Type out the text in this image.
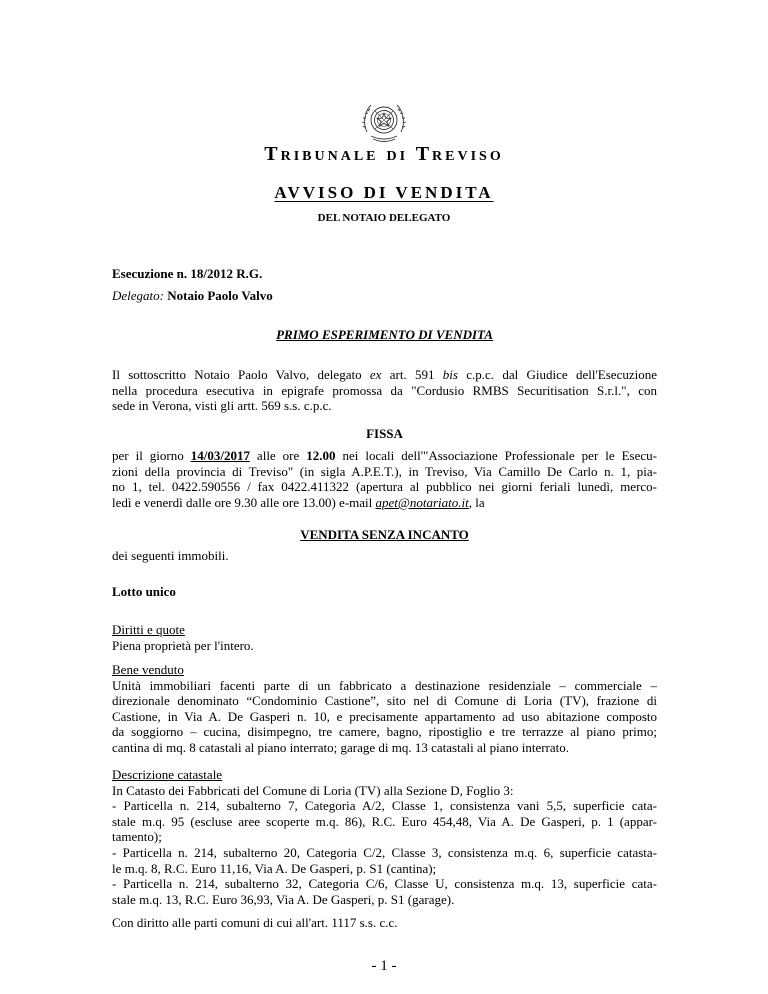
Tribunale di Treviso
AVVISO DI VENDITA
DEL NOTAIO DELEGATO
Esecuzione n. 18/2012 R.G.
Delegato: Notaio Paolo Valvo
PRIMO ESPERIMENTO DI VENDITA
Il sottoscritto Notaio Paolo Valvo, delegato ex art. 591 bis c.p.c. dal Giudice dell'Esecuzione
nella procedura esecutiva in epigrafe promossa da "Cordusio RMBS Securitisation S.r.l.", con
sede in Verona, visti gli artt. 569 s.s. c.p.c.
FISSA
per il giorno 14/03/2017 alle ore 12.00 nei locali dell'"Associazione Professionale per le Esecu-
zioni della provincia di Treviso" (in sigla A.P.E.T.), in Treviso, Via Camillo De Carlo n. 1, pia-
no 1, tel. 0422.590556 / fax 0422.411322 (apertura al pubblico nei giorni feriali lunedì, merco-
ledì e venerdì dalle ore 9.30 alle ore 13.00) e-mail apet@notariato.it, la
VENDITA SENZA INCANTO
dei seguenti immobili.
Lotto unico
Diritti e quote
Piena proprietà per l'intero.
Bene venduto
Unità immobiliari facenti parte di un fabbricato a destinazione residenziale – commerciale –
direzionale denominato “Condominio Castione”, sito nel di Comune di Loria (TV), frazione di
Castione, in Via A. De Gasperi n. 10, e precisamente appartamento ad uso abitazione composto
da soggiorno – cucina, disimpegno, tre camere, bagno, ripostiglio e tre terrazze al piano primo;
cantina di mq. 8 catastali al piano interrato; garage di mq. 13 catastali al piano interrato.
Descrizione catastale
In Catasto dei Fabbricati del Comune di Loria (TV) alla Sezione D, Foglio 3:
- Particella n. 214, subalterno 7, Categoria A/2, Classe 1, consistenza vani 5,5, superficie cata-
stale m.q. 95 (escluse aree scoperte m.q. 86), R.C. Euro 454,48, Via A. De Gasperi, p. 1 (appar-
tamento);
- Particella n. 214, subalterno 20, Categoria C/2, Classe 3, consistenza m.q. 6, superficie catasta-
le m.q. 8, R.C. Euro 11,16, Via A. De Gasperi, p. S1 (cantina);
- Particella n. 214, subalterno 32, Categoria C/6, Classe U, consistenza m.q. 13, superficie cata-
stale m.q. 13, R.C. Euro 36,93, Via A. De Gasperi, p. S1 (garage).
Con diritto alle parti comuni di cui all'art. 1117 s.s. c.c.
- 1 -
